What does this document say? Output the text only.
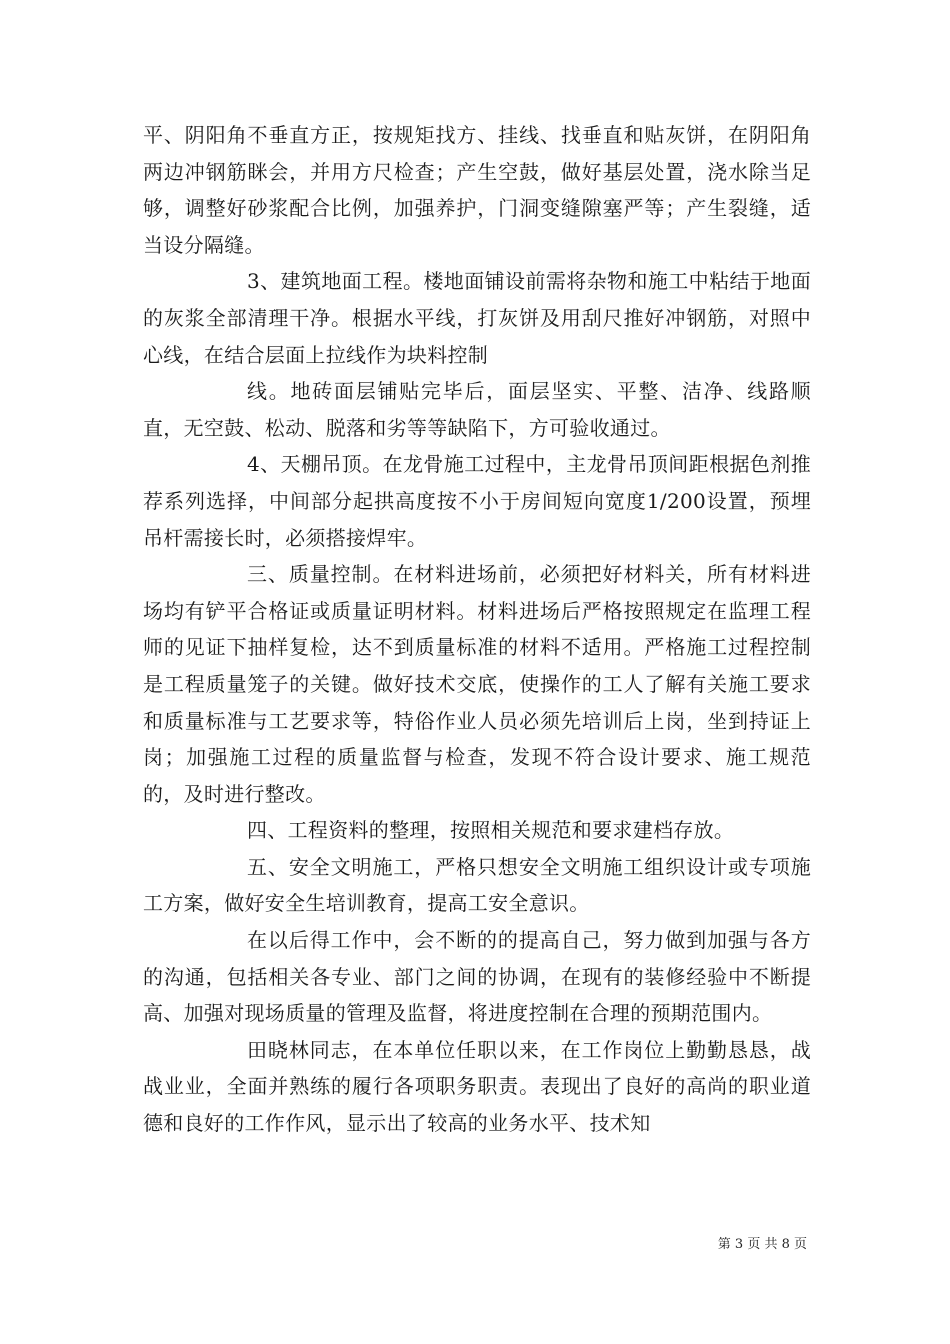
平、阴阳角不垂直方正，按规矩找方、挂线、找垂直和贴灰饼，在阴阳角两边冲钢筋眯会，并用方尺检查；产生空鼓，做好基层处置，浇水除当足够，调整好砂浆配合比例，加强养护，门洞变缝隙塞严等；产生裂缝，适当设分隔缝。

3、建筑地面工程。楼地面铺设前需将杂物和施工中粘结于地面的灰浆全部清理干净。根据水平线，打灰饼及用刮尺推好冲钢筋，对照中心线，在结合层面上拉线作为块料控制

线。地砖面层铺贴完毕后，面层坚实、平整、洁净、线路顺直，无空鼓、松动、脱落和劣等等缺陷下，方可验收通过。

4、天棚吊顶。在龙骨施工过程中，主龙骨吊顶间距根据色剂推荐系列选择，中间部分起拱高度按不小于房间短向宽度1/200设置，预埋吊杆需接长时，必须搭接焊牢。

三、质量控制。在材料进场前，必须把好材料关，所有材料进场均有铲平合格证或质量证明材料。材料进场后严格按照规定在监理工程师的见证下抽样复检，达不到质量标准的材料不适用。严格施工过程控制是工程质量笼子的关键。做好技术交底，使操作的工人了解有关施工要求和质量标准与工艺要求等，特俗作业人员必须先培训后上岗，坐到持证上岗；加强施工过程的质量监督与检查，发现不符合设计要求、施工规范的，及时进行整改。

四、工程资料的整理，按照相关规范和要求建档存放。

五、安全文明施工，严格只想安全文明施工组织设计或专项施工方案，做好安全生培训教育，提高工安全意识。

在以后得工作中，会不断的的提高自己，努力做到加强与各方的沟通，包括相关各专业、部门之间的协调，在现有的装修经验中不断提高、加强对现场质量的管理及监督，将进度控制在合理的预期范围内。

田晓林同志，在本单位任职以来，在工作岗位上勤勤恳恳，战战业业，全面并熟练的履行各项职务职责。表现出了良好的高尚的职业道德和良好的工作作风，显示出了较高的业务水平、技术知

第 3 页 共 8 页
